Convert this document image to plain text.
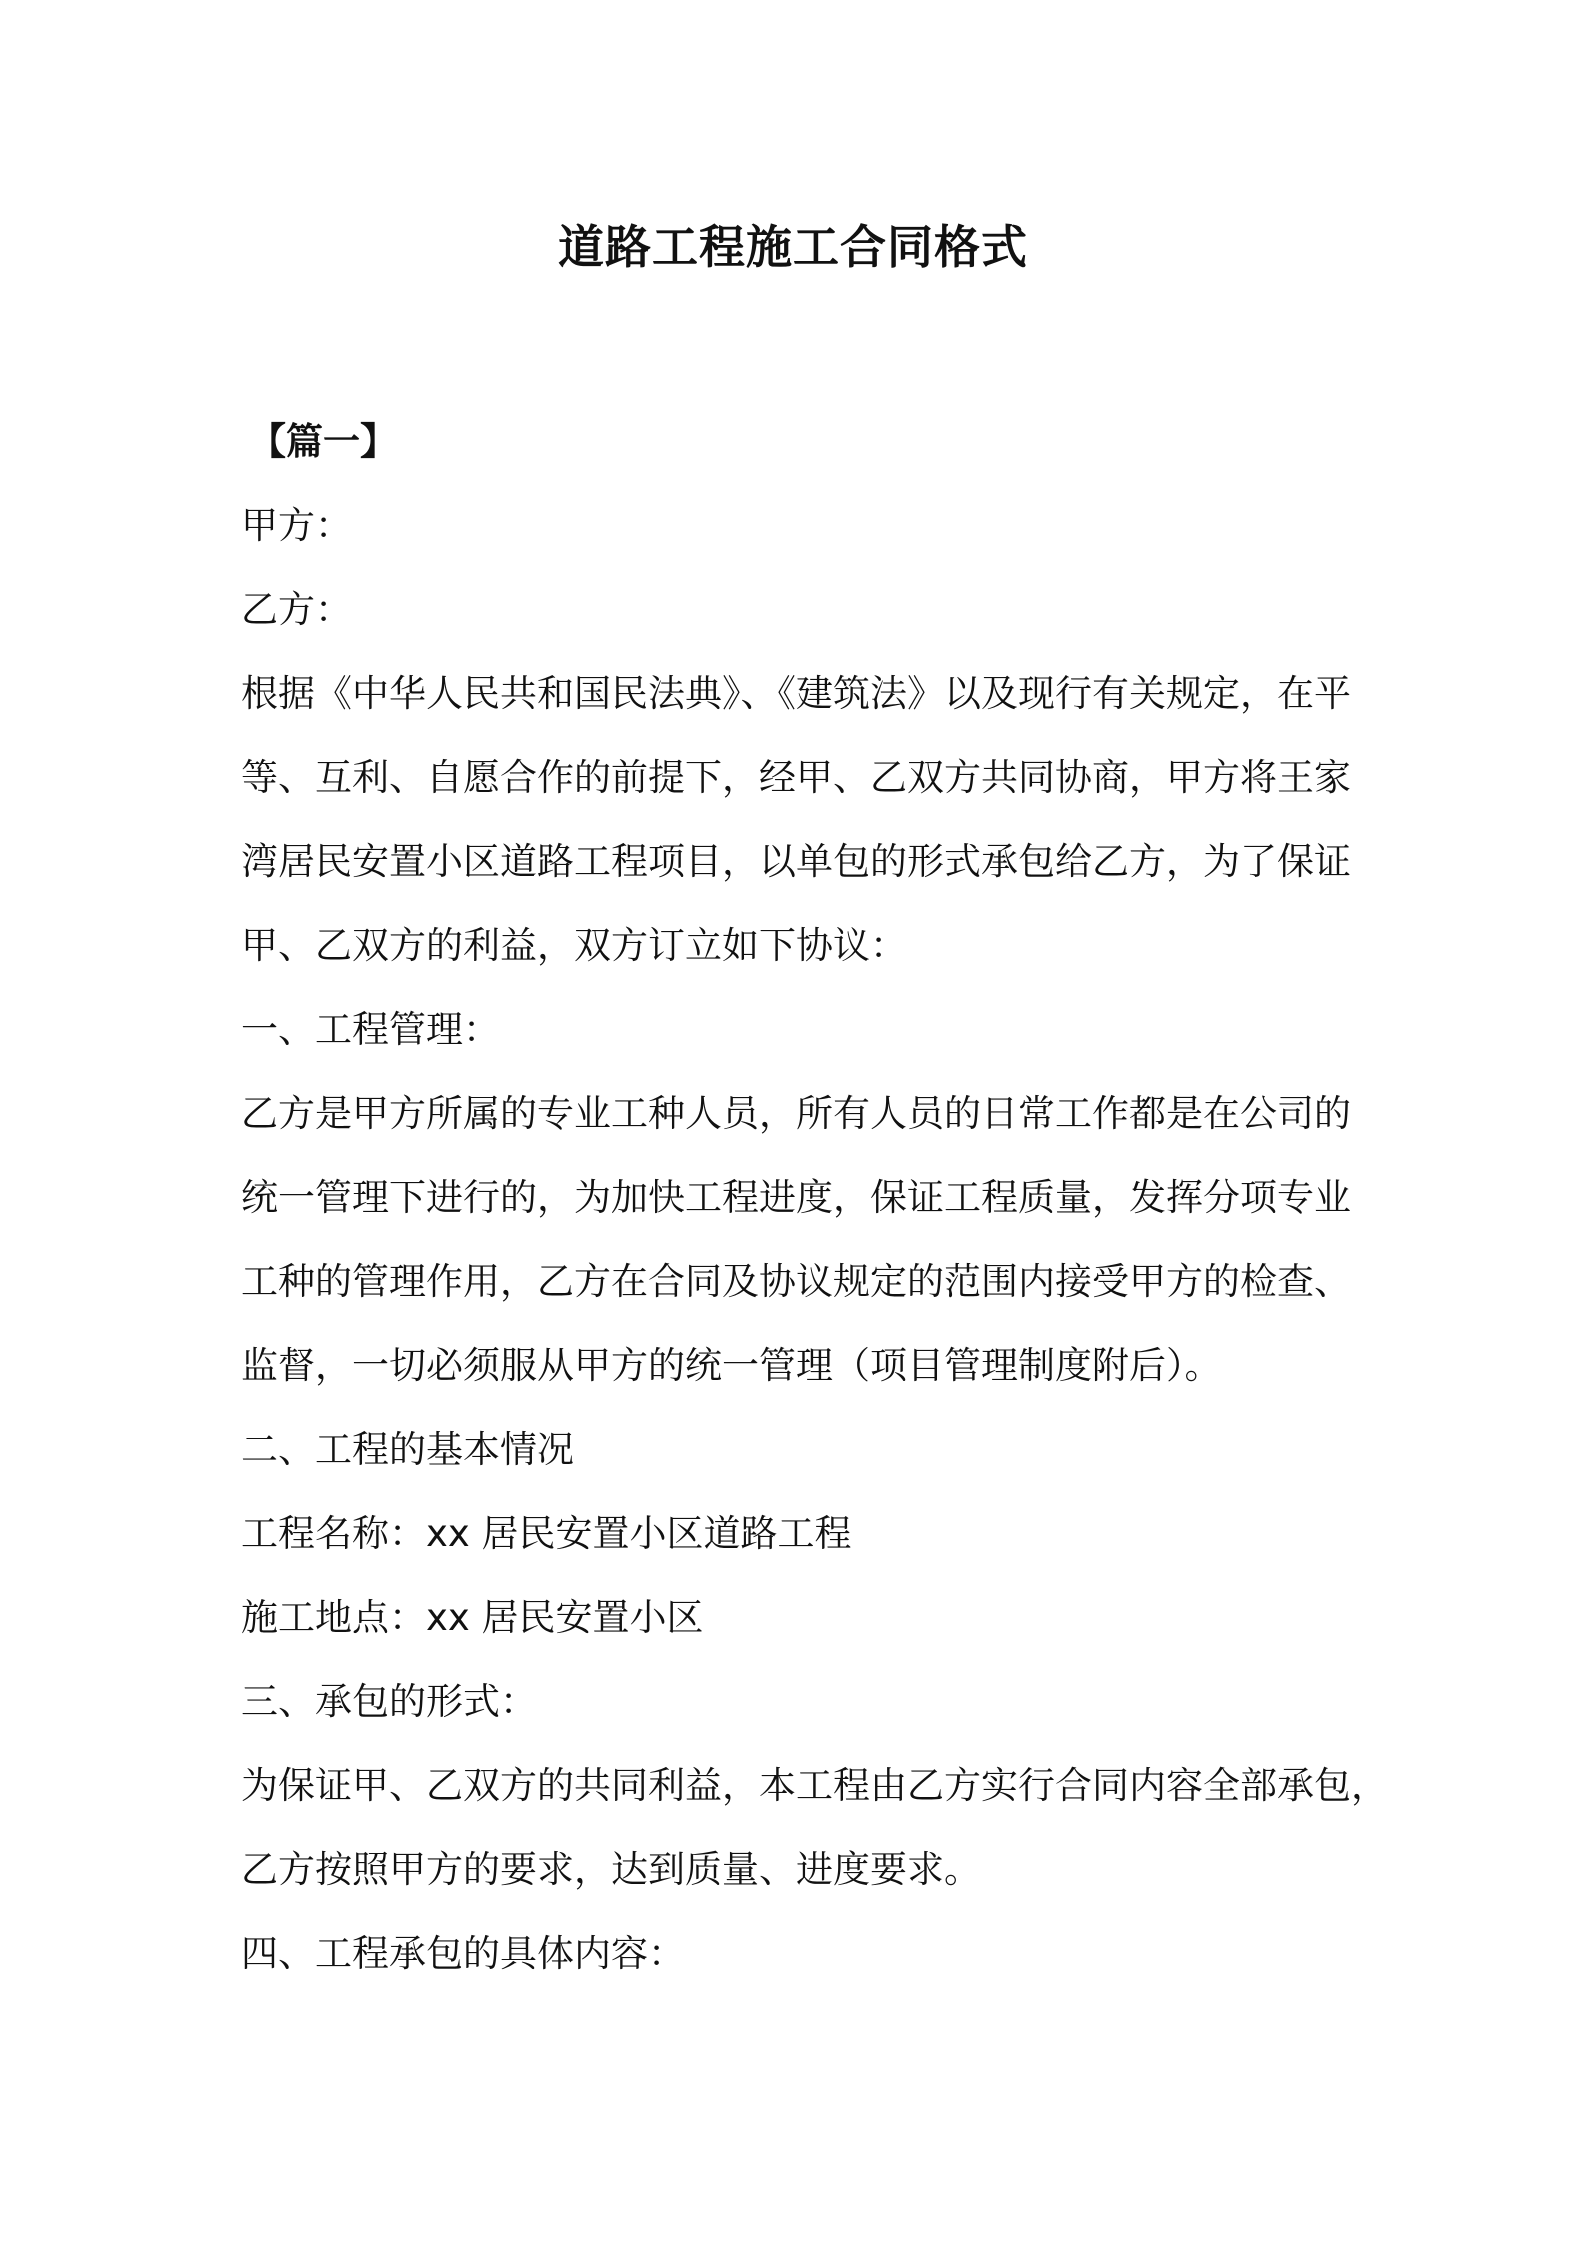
道路工程施工合同格式

【篇一】

甲方：

乙方：

根据《中华人民共和国民法典》、《建筑法》以及现行有关规定，在平

等、互利、自愿合作的前提下，经甲、乙双方共同协商，甲方将王家

湾居民安置小区道路工程项目，以单包的形式承包给乙方，为了保证

甲、乙双方的利益，双方订立如下协议：

一、工程管理：

乙方是甲方所属的专业工种人员，所有人员的日常工作都是在公司的

统一管理下进行的，为加快工程进度，保证工程质量，发挥分项专业

工种的管理作用，乙方在合同及协议规定的范围内接受甲方的检查、

监督，一切必须服从甲方的统一管理（项目管理制度附后）。

二、工程的基本情况

工程名称：xx 居民安置小区道路工程

施工地点：xx 居民安置小区

三、承包的形式：

为保证甲、乙双方的共同利益，本工程由乙方实行合同内容全部承包，

乙方按照甲方的要求，达到质量、进度要求。

四、工程承包的具体内容：
